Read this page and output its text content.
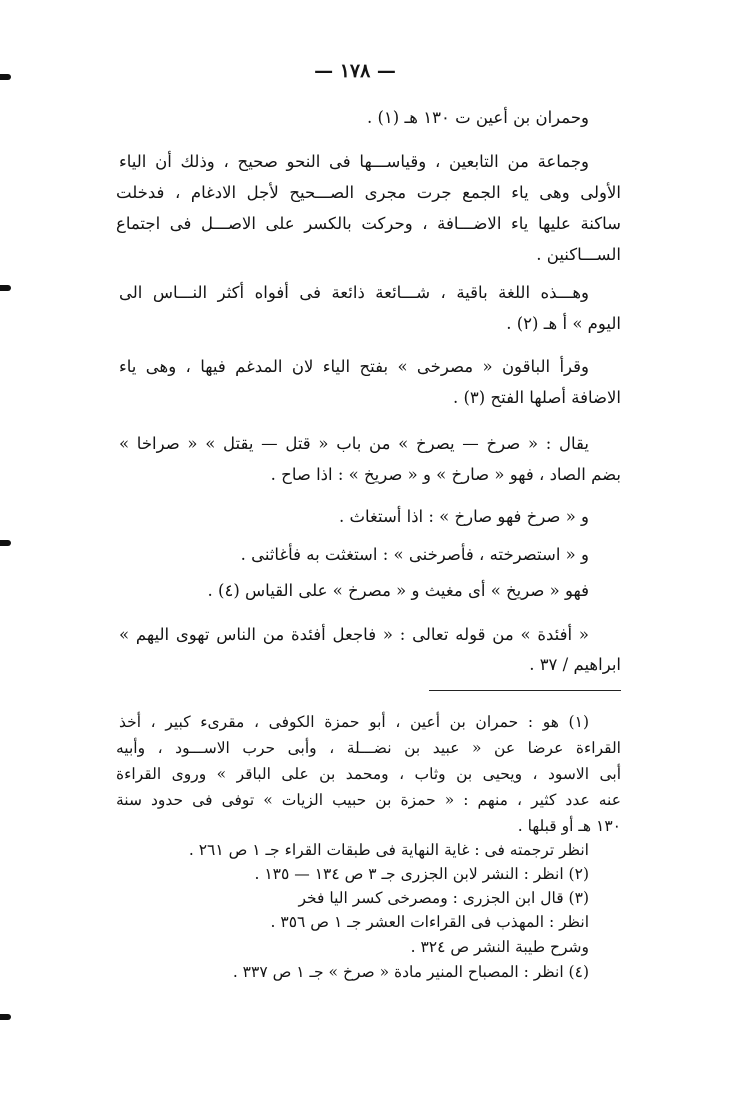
— ١٧٨ —
وحمران بن أعين ت ١٣٠ هـ (١) .
وجماعة من التابعين ، وقياســـها فى النحو صحيح ، وذلك أن الياء
الأولى وهى ياء الجمع جرت مجرى الصـــحيح لأجل الادغام ، فدخلت
ساكنة عليها ياء الاضـــافة ، وحركت بالكسر على الاصـــل فى اجتماع
الســـاكنين .
وهـــذه اللغة باقية ، شـــائعة ذائعة فى أفواه أكثر النـــاس الى
اليوم » أ هـ (٢) .
وقرأ الباقون « مصرخى » بفتح الياء لان المدغم فيها ، وهى ياء
الاضافة أصلها الفتح (٣) .
يقال : « صرخ — يصرخ » من باب « قتل — يقتل » « صراخا »
بضم الصاد ، فهو « صارخ » و « صريخ » : اذا صاح .
و « صرخ فهو صارخ » : اذا أستغاث .
و « استصرخته ، فأصرخنى » : استغثت به فأغاثنى .
فهو « صريخ » أى مغيث و « مصرخ » على القياس (٤) .
« أفئدة » من قوله تعالى : « فاجعل أفئدة من الناس تهوى اليهم »
ابراهيم / ٣٧ .
(١) هو : حمران بن أعين ، أبو حمزة الكوفى ، مقرىء كبير ، أخذ
القراءة عرضا عن « عبيد بن نضـــلة ، وأبى حرب الاســـود ، وأبيه
أبى الاسود ، ويحيى بن وثاب ، ومحمد بن على الباقر » وروى القراءة
عنه عدد كثير ، منهم : « حمزة بن حبيب الزيات » توفى فى حدود سنة
١٣٠ هـ أو قبلها .
انظر ترجمته فى : غاية النهاية فى طبقات القراء جـ ١ ص ٢٦١ .
(٢) انظر : النشر لابن الجزرى جـ ٣ ص ١٣٤ — ١٣٥ .
(٣) قال ابن الجزرى : ومصرخى كسر اليا فخر
انظر : المهذب فى القراءات العشر جـ ١ ص ٣٥٦ .
وشرح طيبة النشر ص ٣٢٤ .
(٤) انظر : المصباح المنير مادة « صرخ » جـ ١ ص ٣٣٧ .
